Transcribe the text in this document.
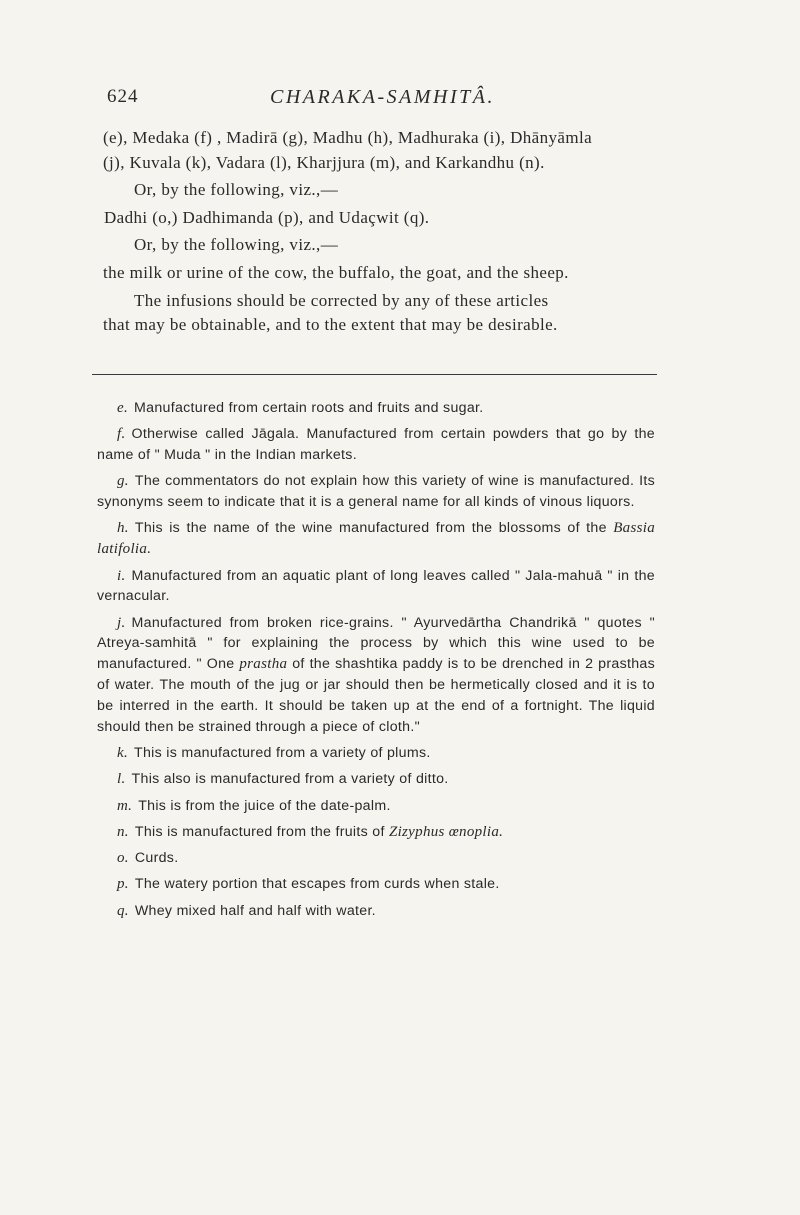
624	CHARAKA-SAMHITÂ.

(e), Medaka (f) , Madirā (g), Madhu (h), Madhuraka (i), Dhānyāmla

(j), Kuvala (k), Vadara (l), Kharjjura (m), and Karkandhu (n).

Or, by the following, viz.,—

Dadhi (o,) Dadhimanda (p), and Udaçwit (q).

Or, by the following, viz.,—

the milk or urine of the cow, the buffalo, the goat, and the sheep.

The infusions should be corrected by any of these articles

that may be obtainable, and to the extent that may be desirable.

e. Manufactured from certain roots and fruits and sugar.

f. Otherwise called Jāgala. Manufactured from certain powders that go by the name of " Muda " in the Indian markets.

g. The commentators do not explain how this variety of wine is manufactured. Its synonyms seem to indicate that it is a general name for all kinds of vinous liquors.

h. This is the name of the wine manufactured from the blossoms of the Bassia latifolia.

i. Manufactured from an aquatic plant of long leaves called " Jala-mahuā " in the vernacular.

j. Manufactured from broken rice-grains. " Ayurvedārtha Chandrikā " quotes " Atreya-samhitā " for explaining the process by which this wine used to be manufactured. " One prastha of the shashtika paddy is to be drenched in 2 prasthas of water. The mouth of the jug or jar should then be hermetically closed and it is to be interred in the earth. It should be taken up at the end of a fortnight. The liquid should then be strained through a piece of cloth."

k. This is manufactured from a variety of plums.

l. This also is manufactured from a variety of ditto.

m. This is from the juice of the date-palm.

n. This is manufactured from the fruits of Zizyphus œnoplia.

o. Curds.

p. The watery portion that escapes from curds when stale.

q. Whey mixed half and half with water.
